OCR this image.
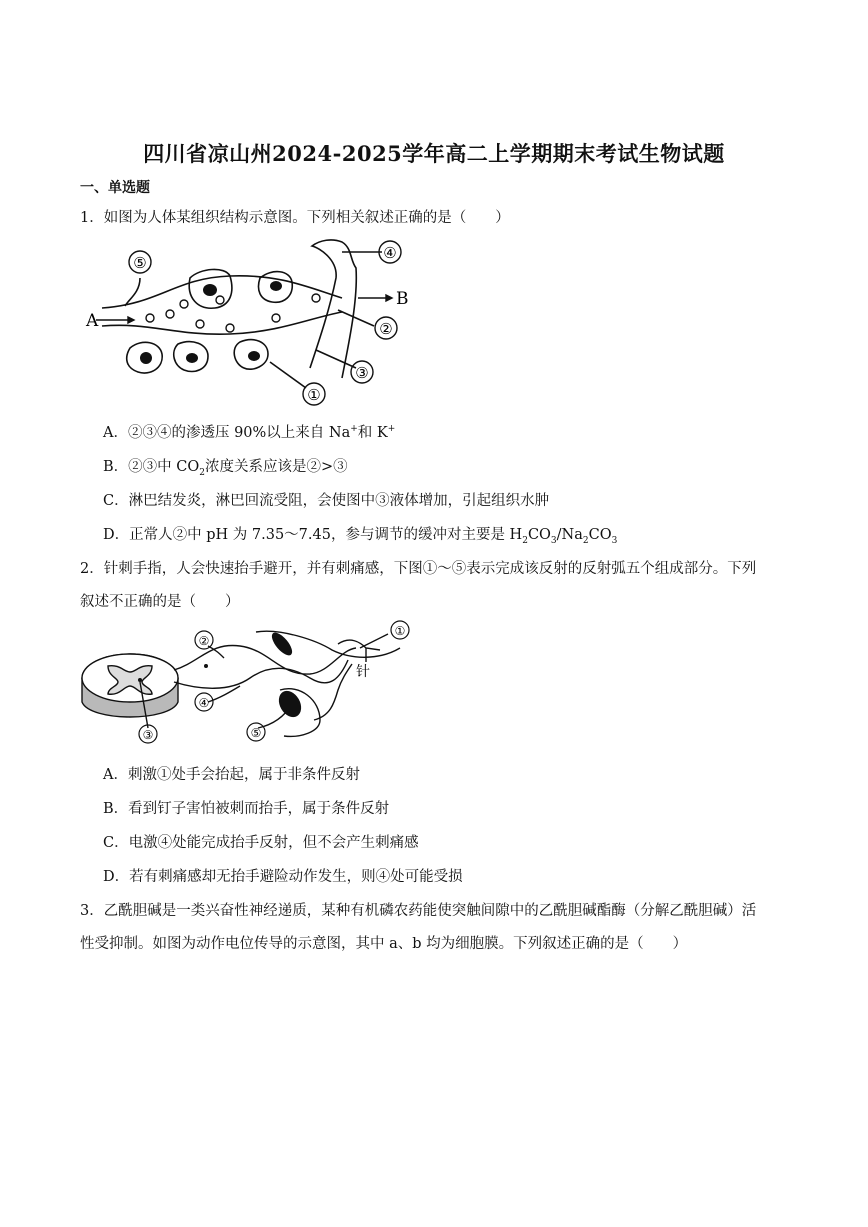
四川省凉山州2024-2025学年高二上学期期末考试生物试题
一、单选题
1．如图为人体某组织结构示意图。下列相关叙述正确的是（　　）
A
B
⑤
④
②
③
①
A．②③④的渗透压 90%以上来自 Na+和 K+
B．②③中 $CO_2$浓度关系应该是②>③
C．淋巴结发炎，淋巴回流受阻，会使图中③液体增加，引起组织水肿
D．正常人②中 pH 为 7.35～7.45，参与调节的缓冲对主要是 $H_2CO_3/Na_2CO_3$
2．针刺手指，人会快速抬手避开，并有刺痛感，下图①～⑤表示完成该反射的反射弧五个组成部分。下列
叙述不正确的是（　　）
针
②
①
④
③	⑤
A．刺激①处手会抬起，属于非条件反射
B．看到钉子害怕被刺而抬手，属于条件反射
C．电激④处能完成抬手反射，但不会产生刺痛感
D．若有刺痛感却无抬手避险动作发生，则④处可能受损
3．乙酰胆碱是一类兴奋性神经递质，某种有机磷农药能使突触间隙中的乙酰胆碱酯酶（分解乙酰胆碱）活
性受抑制。如图为动作电位传导的示意图，其中 a、b 均为细胞膜。下列叙述正确的是（　　）
